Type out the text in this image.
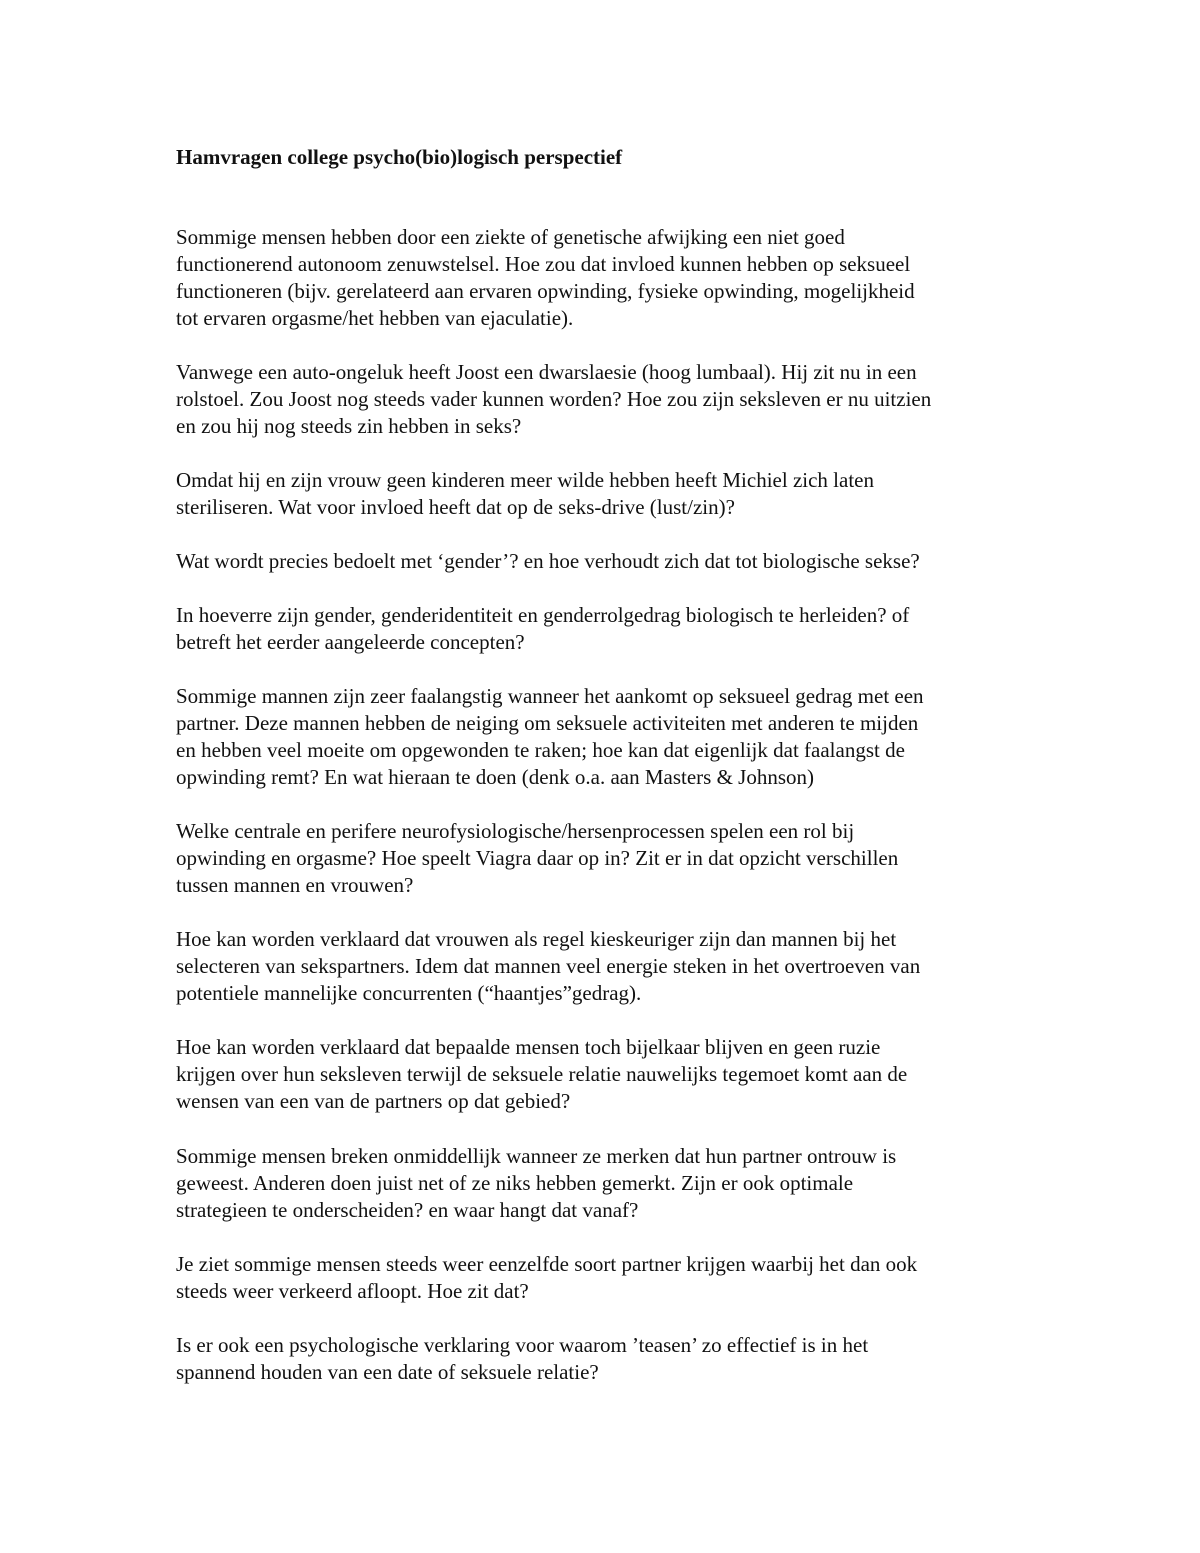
Hamvragen college psycho(bio)logisch perspectief

Sommige mensen hebben door een ziekte of genetische afwijking een niet goed
functionerend autonoom zenuwstelsel. Hoe zou dat invloed kunnen hebben op seksueel
functioneren (bijv. gerelateerd aan ervaren opwinding, fysieke opwinding, mogelijkheid
tot ervaren orgasme/het hebben van ejaculatie).

Vanwege een auto-ongeluk heeft Joost een dwarslaesie (hoog lumbaal). Hij zit nu in een
rolstoel. Zou Joost nog steeds vader kunnen worden? Hoe zou zijn seksleven er nu uitzien
en zou hij nog steeds zin hebben in seks?

Omdat hij en zijn vrouw geen kinderen meer wilde hebben heeft Michiel zich laten
steriliseren. Wat voor invloed heeft dat op de seks-drive (lust/zin)?

Wat wordt precies bedoelt met ‘gender’? en hoe verhoudt zich dat tot biologische sekse?

In hoeverre zijn gender, genderidentiteit en genderrolgedrag biologisch te herleiden? of
betreft het eerder aangeleerde concepten?

Sommige mannen zijn zeer faalangstig wanneer het aankomt op seksueel gedrag met een
partner. Deze mannen hebben de neiging om seksuele activiteiten met anderen te mijden
en hebben veel moeite om opgewonden te raken; hoe kan dat eigenlijk dat faalangst de
opwinding remt? En wat hieraan te doen (denk o.a. aan Masters & Johnson)

Welke centrale en perifere neurofysiologische/hersenprocessen spelen een rol bij
opwinding en orgasme? Hoe speelt Viagra daar op in? Zit er in dat opzicht verschillen
tussen mannen en vrouwen?

Hoe kan worden verklaard dat vrouwen als regel kieskeuriger zijn dan mannen bij het
selecteren van sekspartners. Idem dat mannen veel energie steken in het overtroeven van
potentiele mannelijke concurrenten (“haantjes”gedrag).

Hoe kan worden verklaard dat bepaalde mensen toch bijelkaar blijven en geen ruzie
krijgen over hun seksleven terwijl de seksuele relatie nauwelijks tegemoet komt aan de
wensen van een van de partners op dat gebied?

Sommige mensen breken onmiddellijk wanneer ze merken dat hun partner ontrouw is
geweest. Anderen doen juist net of ze niks hebben gemerkt. Zijn er ook optimale
strategieen te onderscheiden? en waar hangt dat vanaf?

Je ziet sommige mensen steeds weer eenzelfde soort partner krijgen waarbij het dan ook
steeds weer verkeerd afloopt. Hoe zit dat?

Is er ook een psychologische verklaring voor waarom ’teasen’ zo effectief is in het
spannend houden van een date of seksuele relatie?
